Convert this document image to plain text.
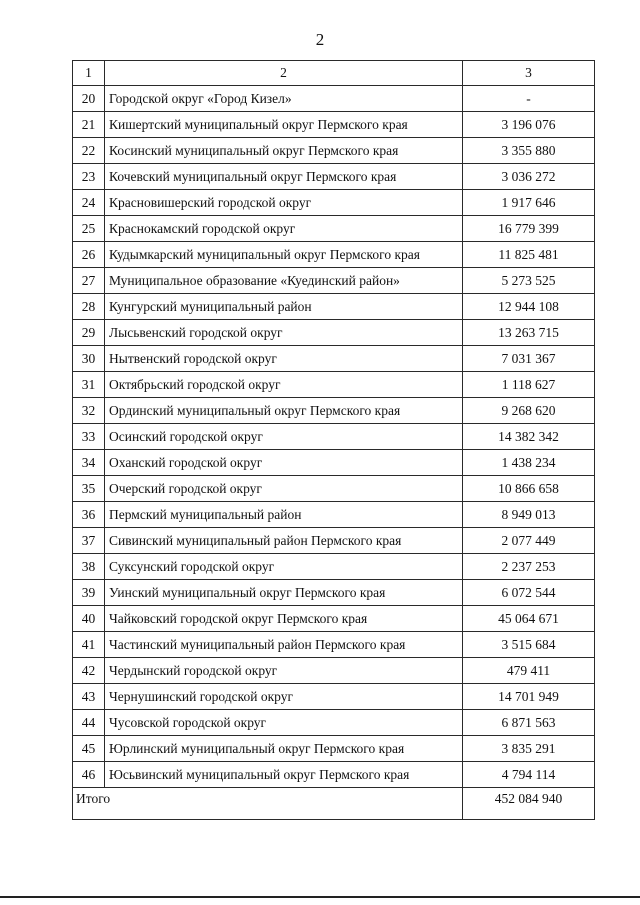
2
1	2	3
20	Городской округ «Город Кизел»	-
21	Кишертский муниципальный округ Пермского края	3 196 076
22	Косинский муниципальный округ Пермского края	3 355 880
23	Кочевский муниципальный округ Пермского края	3 036 272
24	Красновишерский городской округ	1 917 646
25	Краснокамский городской округ	16 779 399
26	Кудымкарский муниципальный округ Пермского края	11 825 481
27	Муниципальное образование «Куединский район»	5 273 525
28	Кунгурский муниципальный район	12 944 108
29	Лысьвенский городской округ	13 263 715
30	Нытвенский городской округ	7 031 367
31	Октябрьский городской округ	1 118 627
32	Ординский муниципальный округ Пермского края	9 268 620
33	Осинский городской округ	14 382 342
34	Оханский городской округ	1 438 234
35	Очерский городской округ	10 866 658
36	Пермский муниципальный район	8 949 013
37	Сивинский муниципальный район Пермского края	2 077 449
38	Суксунский городской округ	2 237 253
39	Уинский муниципальный округ Пермского края	6 072 544
40	Чайковский городской округ Пермского края	45 064 671
41	Частинский муниципальный район Пермского края	3 515 684
42	Чердынский городской округ	479 411
43	Чернушинский городской округ	14 701 949
44	Чусовской городской округ	6 871 563
45	Юрлинский муниципальный округ Пермского края	3 835 291
46	Юсьвинский муниципальный округ Пермского края	4 794 114
Итого		452 084 940
